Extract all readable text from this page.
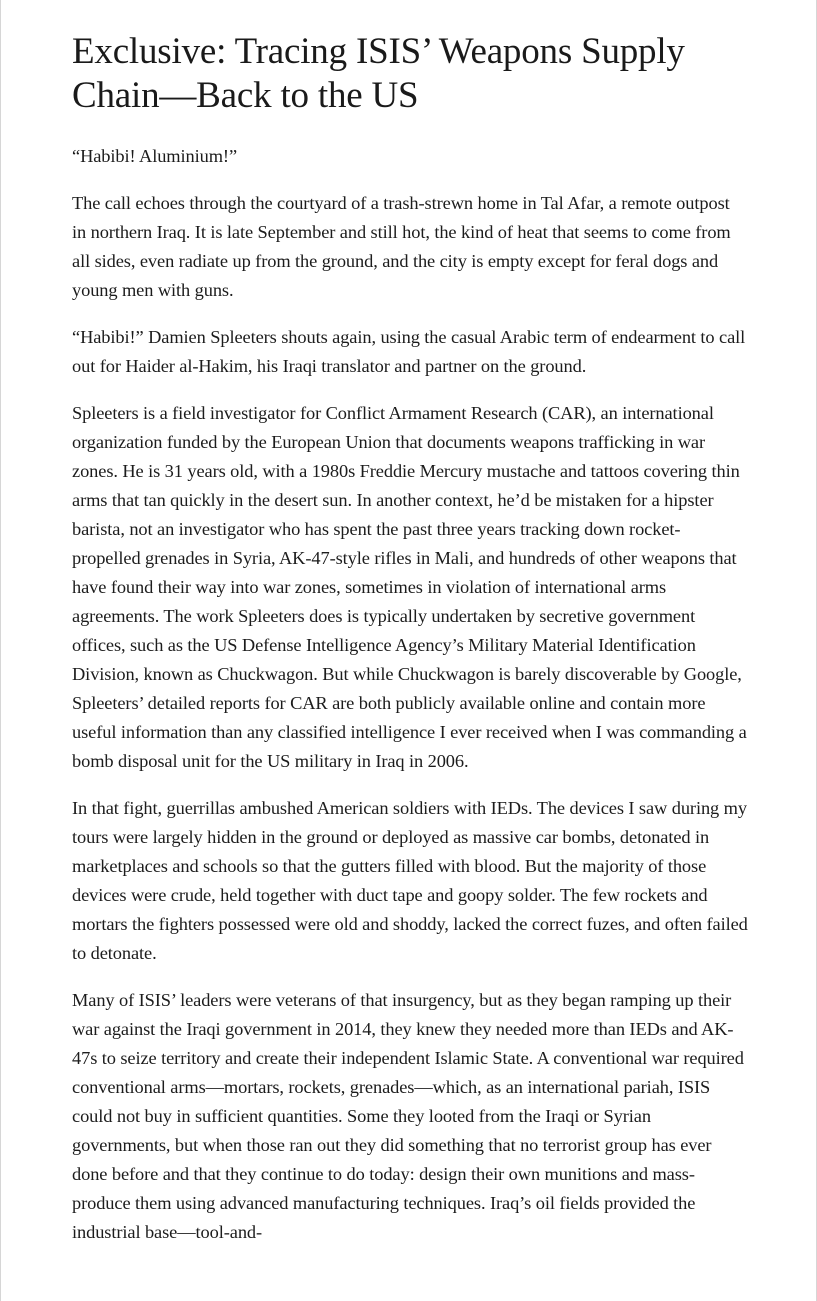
Exclusive: Tracing ISIS’ Weapons Supply Chain—Back to the US

“Habibi! Aluminium!”

The call echoes through the courtyard of a trash-strewn home in Tal Afar, a remote outpost in northern Iraq. It is late September and still hot, the kind of heat that seems to come from all sides, even radiate up from the ground, and the city is empty except for feral dogs and young men with guns.

“Habibi!” Damien Spleeters shouts again, using the casual Arabic term of endearment to call out for Haider al-Hakim, his Iraqi translator and partner on the ground.

Spleeters is a field investigator for Conflict Armament Research (CAR), an international organization funded by the European Union that documents weapons trafficking in war zones. He is 31 years old, with a 1980s Freddie Mercury mustache and tattoos covering thin arms that tan quickly in the desert sun. In another context, he’d be mistaken for a hipster barista, not an investigator who has spent the past three years tracking down rocket-propelled grenades in Syria, AK-47-style rifles in Mali, and hundreds of other weapons that have found their way into war zones, sometimes in violation of international arms agreements. The work Spleeters does is typically undertaken by secretive government offices, such as the US Defense Intelligence Agency’s Military Material Identification Division, known as Chuckwagon. But while Chuckwagon is barely discoverable by Google, Spleeters’ detailed reports for CAR are both publicly available online and contain more useful information than any classified intelligence I ever received when I was commanding a bomb disposal unit for the US military in Iraq in 2006.

In that fight, guerrillas ambushed American soldiers with IEDs. The devices I saw during my tours were largely hidden in the ground or deployed as massive car bombs, detonated in marketplaces and schools so that the gutters filled with blood. But the majority of those devices were crude, held together with duct tape and goopy solder. The few rockets and mortars the fighters possessed were old and shoddy, lacked the correct fuzes, and often failed to detonate.

Many of ISIS’ leaders were veterans of that insurgency, but as they began ramping up their war against the Iraqi government in 2014, they knew they needed more than IEDs and AK-47s to seize territory and create their independent Islamic State. A conventional war required conventional arms—mortars, rockets, grenades—which, as an international pariah, ISIS could not buy in sufficient quantities. Some they looted from the Iraqi or Syrian governments, but when those ran out they did something that no terrorist group has ever done before and that they continue to do today: design their own munitions and mass-produce them using advanced manufacturing techniques. Iraq’s oil fields provided the industrial base—tool-and-
